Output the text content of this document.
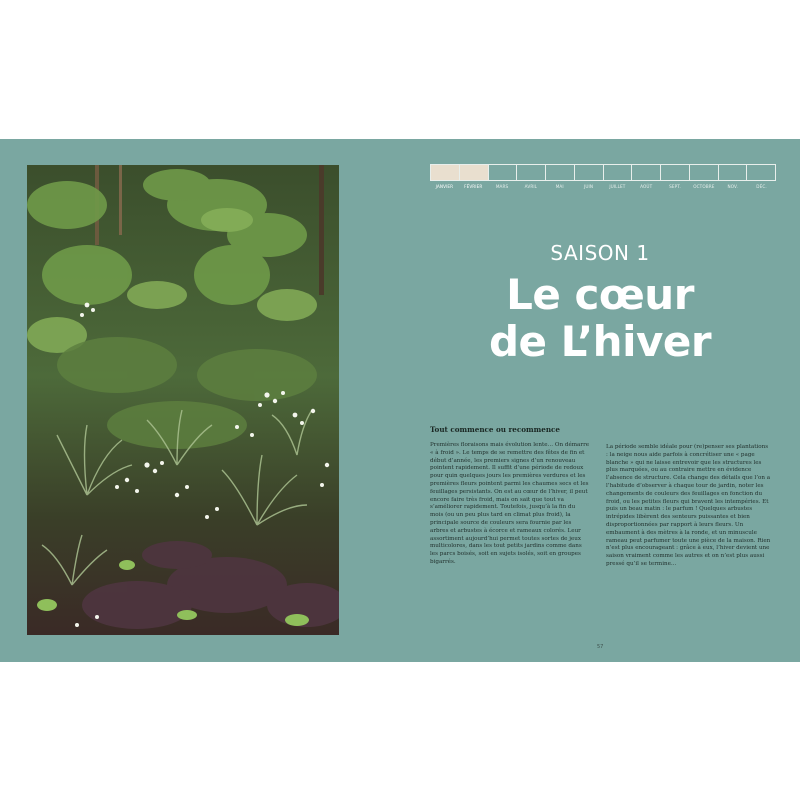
JANVIER	FÉVRIER	MARS	AVRIL	MAI	JUIN	JUILLET	AOÛT	SEPT.	OCTOBRE	NOV.	DÉC.
SAISON 1
Le cœur
de L’hiver
Tout commence ou recommence

Premières floraisons mais évolution lente… On démarre « à froid ». Le temps de se remettre des fêtes de fin et début d’année, les premiers signes d’un renouveau pointent rapidement. Il suffit d’une période de redoux pour quin quelques jours les premières verdures et les premières fleurs pointent parmi les chaumes secs et les feuillages persistants. On est au cœur de l’hiver, il peut encore faire très froid, mais on sait que tout va s’améliorer rapidement. Toutefois, jusqu’à la fin du mois (ou un peu plus tard en climat plus froid), la principale source de couleurs sera fournie par les arbres et arbustes à écorce et rameaux colorés. Leur assortiment aujourd’hui permet toutes sortes de jeux multicolores, dans les tout petits jardins comme dans les parcs boisés, soit en sujets isolés, soit en groupes bigarrés.

La période semble idéale pour (re)penser ses plantations : la neige nous aide parfois à concrétiser une « page blanche » qui ne laisse entrevoir que les structures les plus marquées, ou au contraire mettre en évidence l’absence de structure. Cela change des détails que l’on a l’habitude d’observer à chaque tour de jardin, noter les changements de couleurs des feuillages en fonction du froid, ou les petites fleurs qui bravent les intempéries. Et puis un beau matin : le parfum ! Quelques arbustes intrépides libèrent des senteurs puissantes et bien disproportionnées par rapport à leurs fleurs. Un embaument à des mètres à la ronde, et un minuscule rameau peut parfumer toute une pièce de la maison. Rien n’est plus encourageant : grâce à eux, l’hiver devient une saison vraiment comme les autres et on n’est plus aussi pressé qu’il se termine…

57
